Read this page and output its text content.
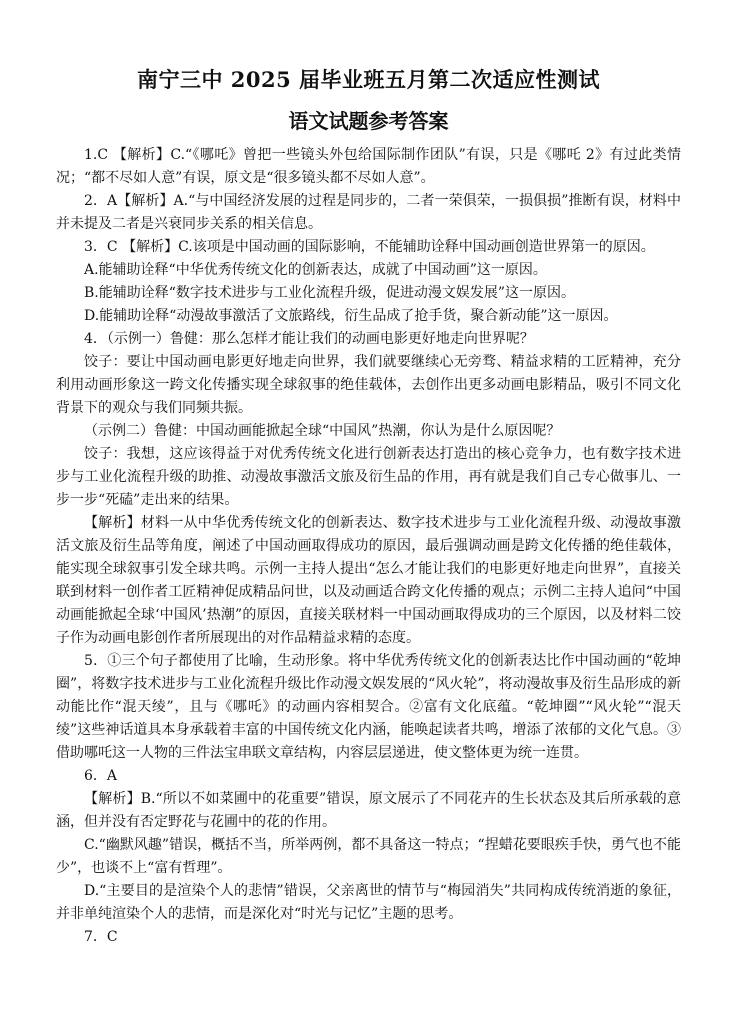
南宁三中 2025 届毕业班五月第二次适应性测试
语文试题参考答案

1.C 【解析】C.“《哪吒》曾把一些镜头外包给国际制作团队”有误，只是《哪吒 2》有过此类情况；“都不尽如人意”有误，原文是“很多镜头都不尽如人意”。

2．A【解析】A.“与中国经济发展的过程是同步的，二者一荣俱荣，一损俱损”推断有误，材料中并未提及二者是兴衰同步关系的相关信息。

3．C 【解析】C.该项是中国动画的国际影响，不能辅助诠释中国动画创造世界第一的原因。

A.能辅助诠释“中华优秀传统文化的创新表达，成就了中国动画”这一原因。

B.能辅助诠释“数字技术进步与工业化流程升级，促进动漫文娱发展”这一原因。

D.能辅助诠释“动漫故事激活了文旅路线，衍生品成了抢手货，聚合新动能”这一原因。

4．（示例一）鲁健：那么怎样才能让我们的动画电影更好地走向世界呢？

饺子：要让中国动画电影更好地走向世界，我们就要继续心无旁骛、精益求精的工匠精神，充分利用动画形象这一跨文化传播实现全球叙事的绝佳载体，去创作出更多动画电影精品，吸引不同文化背景下的观众与我们同频共振。

（示例二）鲁健：中国动画能掀起全球“中国风”热潮，你认为是什么原因呢？

饺子：我想，这应该得益于对优秀传统文化进行创新表达打造出的核心竞争力，也有数字技术进步与工业化流程升级的助推、动漫故事激活文旅及衍生品的作用，再有就是我们自己专心做事儿、一步一步“死磕”走出来的结果。

【解析】材料一从中华优秀传统文化的创新表达、数字技术进步与工业化流程升级、动漫故事激活文旅及衍生品等角度，阐述了中国动画取得成功的原因，最后强调动画是跨文化传播的绝佳载体，能实现全球叙事引发全球共鸣。示例一主持人提出“怎么才能让我们的电影更好地走向世界”，直接关联到材料一创作者工匠精神促成精品问世，以及动画适合跨文化传播的观点；示例二主持人追问“中国动画能掀起全球‘中国风’热潮”的原因，直接关联材料一中国动画取得成功的三个原因，以及材料二饺子作为动画电影创作者所展现出的对作品精益求精的态度。

5．①三个句子都使用了比喻，生动形象。将中华优秀传统文化的创新表达比作中国动画的“乾坤圈”，将数字技术进步与工业化流程升级比作动漫文娱发展的“风火轮”，将动漫故事及衍生品形成的新动能比作“混天绫”，且与《哪吒》的动画内容相契合。②富有文化底蕴。“乾坤圈”“风火轮”“混天绫”这些神话道具本身承载着丰富的中国传统文化内涵，能唤起读者共鸣，增添了浓郁的文化气息。③借助哪吒这一人物的三件法宝串联文章结构，内容层层递进，使文整体更为统一连贯。

6．A

【解析】B.“所以不如菜圃中的花重要”错误，原文展示了不同花卉的生长状态及其后所承载的意涵，但并没有否定野花与花圃中的花的作用。

C.“幽默风趣”错误，概括不当，所举两例，都不具备这一特点；“捏蜡花要眼疾手快，勇气也不能少”，也谈不上“富有哲理”。

D.“主要目的是渲染个人的悲情”错误，父亲离世的情节与“梅园消失”共同构成传统消逝的象征，并非单纯渲染个人的悲情，而是深化对“时光与记忆”主题的思考。

7．C
